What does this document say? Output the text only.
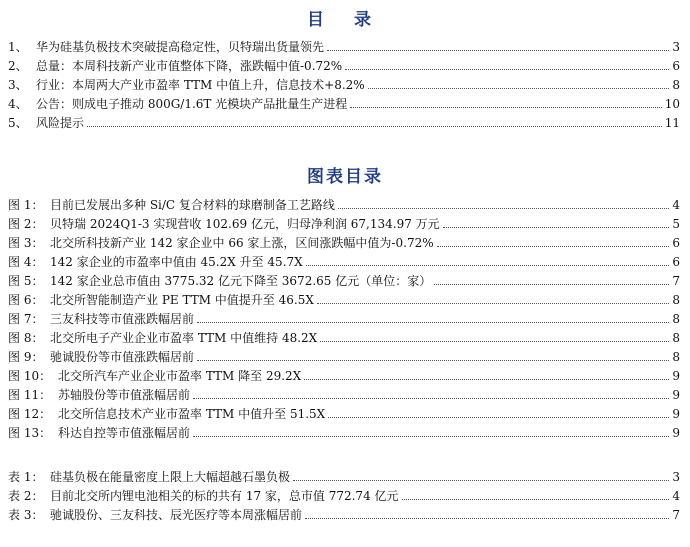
目 录
1、 华为硅基负极技术突破提高稳定性，贝特瑞出货量领先	3
2、 总量：本周科技新产业市值整体下降，涨跌幅中值-0.72%	6
3、 行业：本周两大产业市盈率 TTM 中值上升，信息技术+8.2%	8
4、 公告：则成电子推动 800G/1.6T 光模块产品批量生产进程	10
5、 风险提示	11
图表目录
图 1： 目前已发展出多种 Si/C 复合材料的球磨制备工艺路线	4
图 2： 贝特瑞 2024Q1-3 实现营收 102.69 亿元，归母净利润 67,134.97 万元	5
图 3： 北交所科技新产业 142 家企业中 66 家上涨，区间涨跌幅中值为-0.72%	6
图 4： 142 家企业的市盈率中值由 45.2X 升至 45.7X	6
图 5： 142 家企业总市值由 3775.32 亿元下降至 3672.65 亿元（单位：家）	7
图 6： 北交所智能制造产业 PE TTM 中值提升至 46.5X	8
图 7： 三友科技等市值涨跌幅居前	8
图 8： 北交所电子产业企业市盈率 TTM 中值维持 48.2X	8
图 9： 驰诚股份等市值涨跌幅居前	8
图 10： 北交所汽车产业企业市盈率 TTM 降至 29.2X	9
图 11： 苏轴股份等市值涨幅居前	9
图 12： 北交所信息技术产业市盈率 TTM 中值升至 51.5X	9
图 13： 科达自控等市值涨幅居前	9
表 1： 硅基负极在能量密度上限上大幅超越石墨负极	3
表 2： 目前北交所内锂电池相关的标的共有 17 家，总市值 772.74 亿元	4
表 3： 驰诚股份、三友科技、辰光医疗等本周涨幅居前	7
